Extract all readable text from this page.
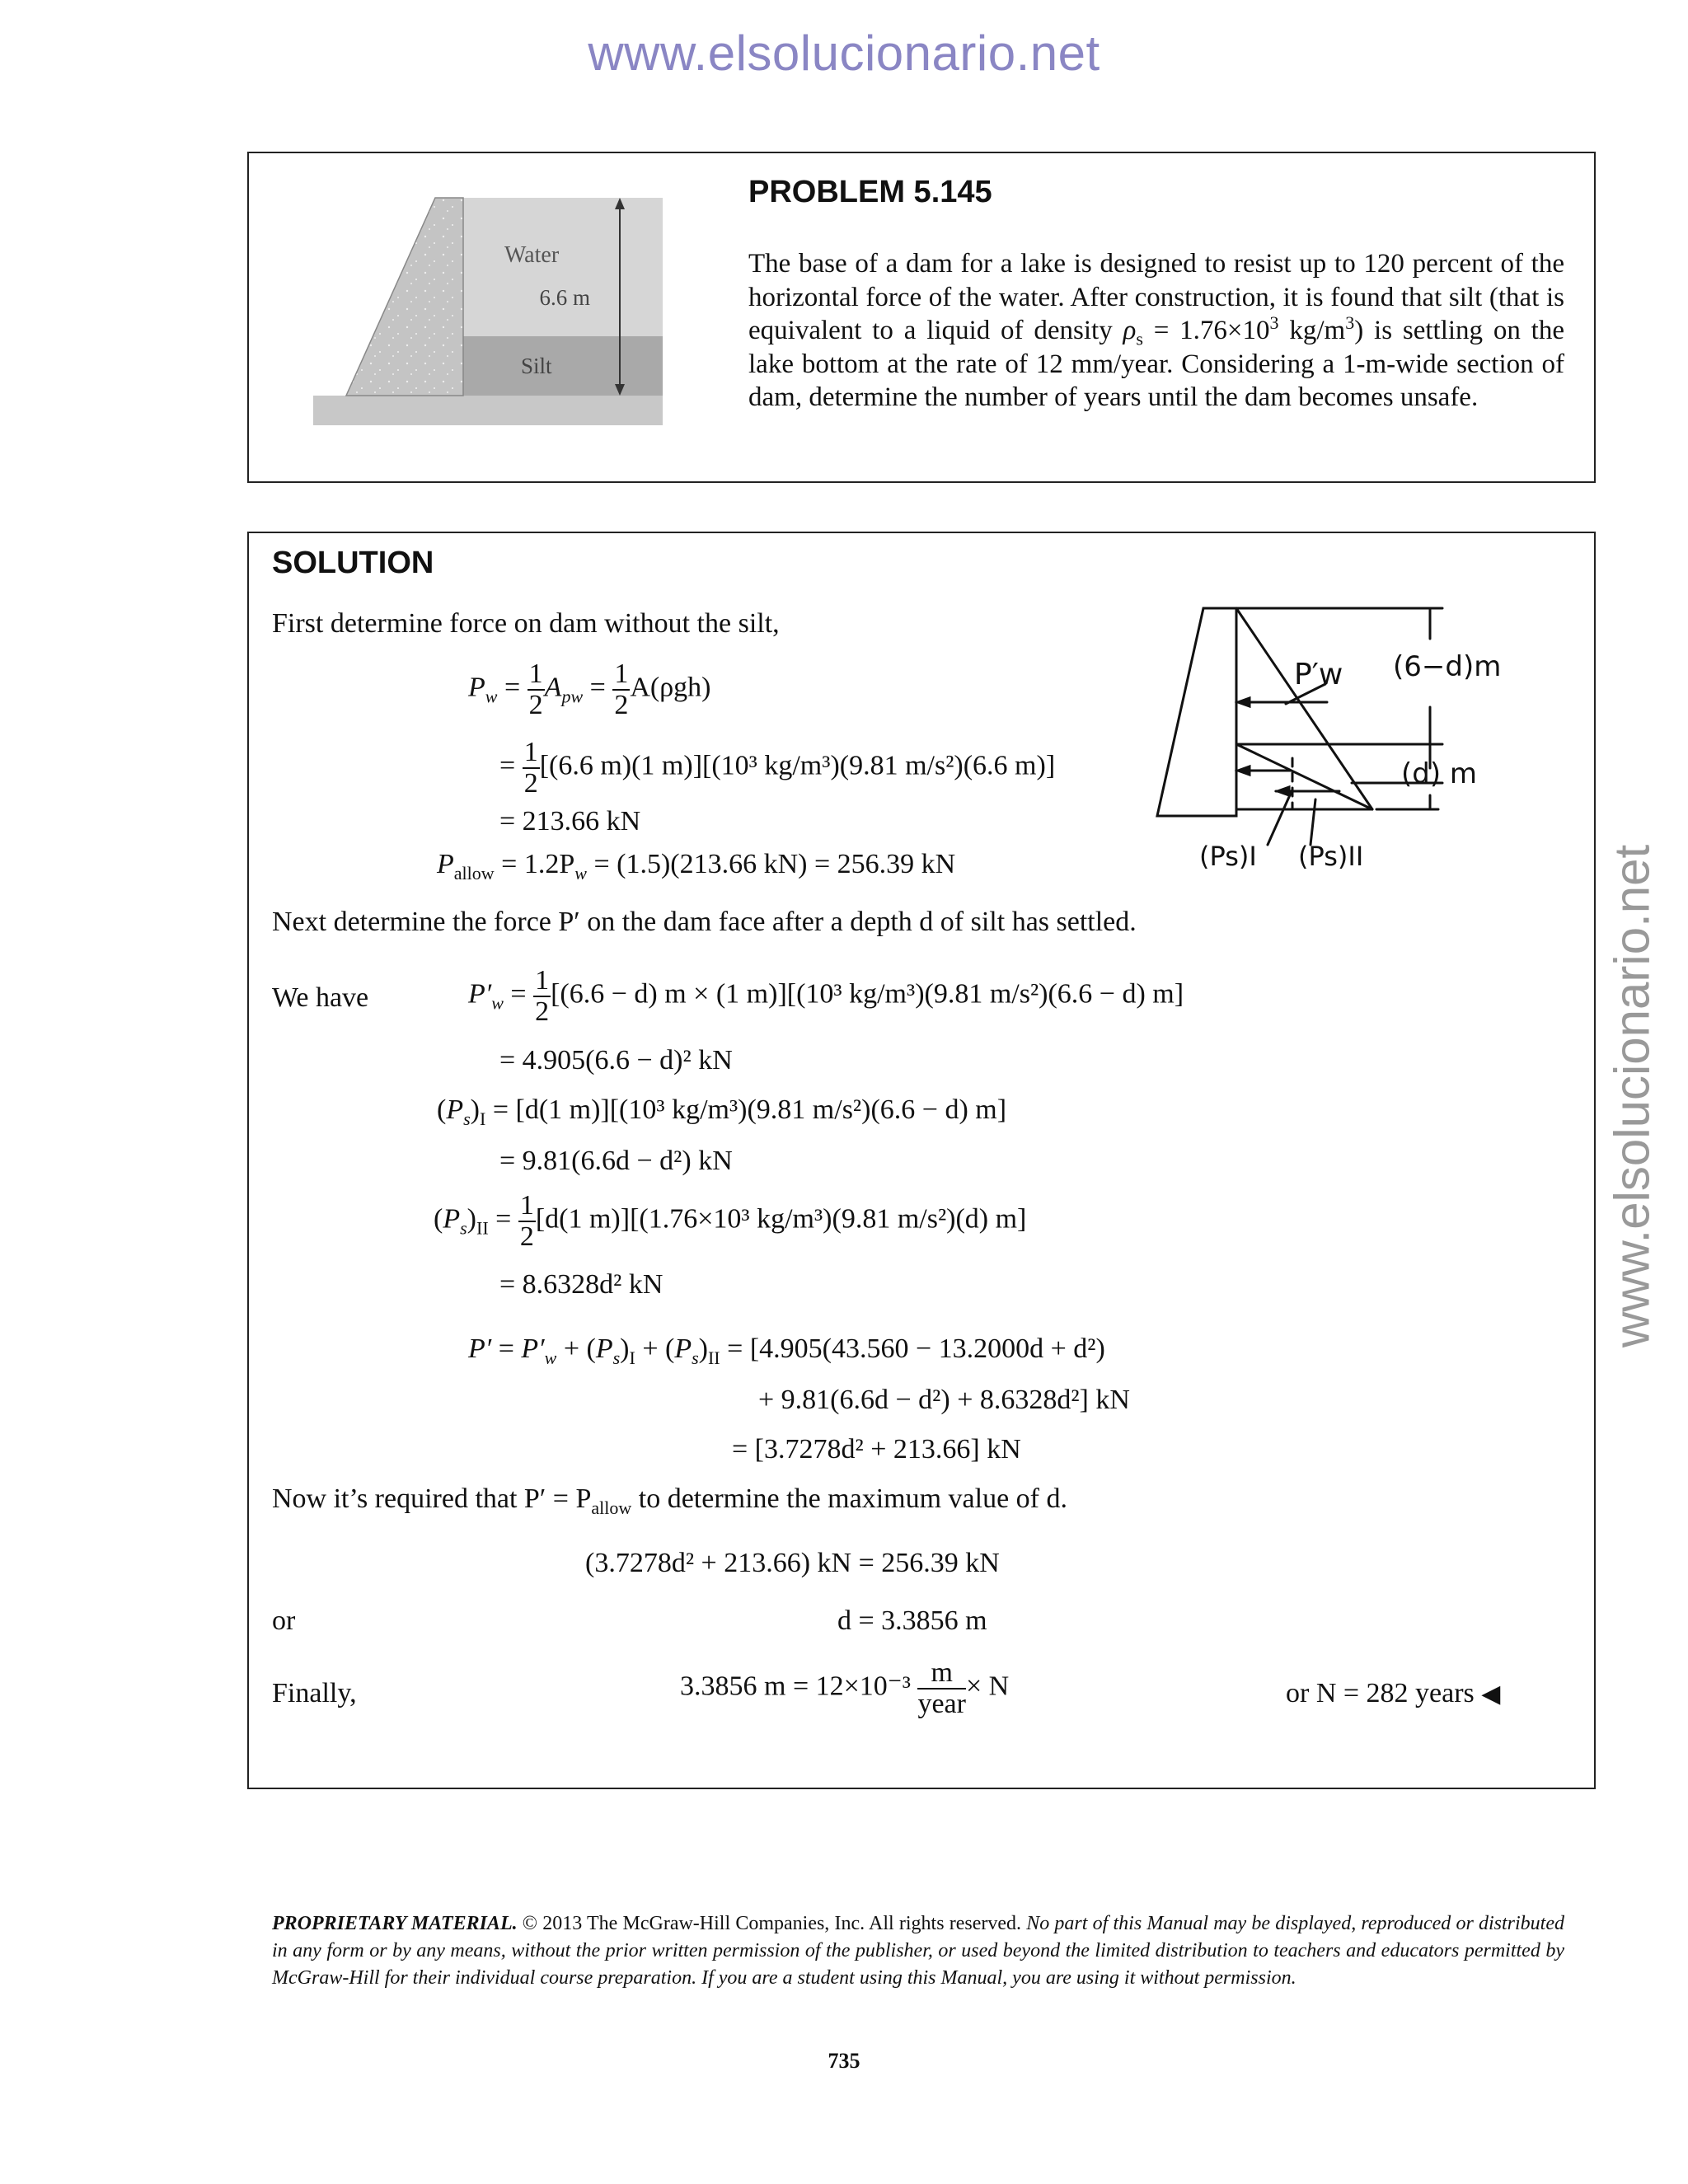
www.elsolucionario.net
www.elsolucionario.net
Water
6.6 m
Silt
PROBLEM 5.145
The base of a dam for a lake is designed to resist up to 120 percent of the horizontal force of the water. After construction, it is found that silt (that is equivalent to a liquid of density $\rho_s = 1.76\times 10^3$ $kg/m^3$) is settling on the lake bottom at the rate of 12 mm/year. Considering a 1-m-wide section of dam, determine the number of years until the dam becomes unsafe.
SOLUTION
First determine force on dam without the silt,
P′w (6−d)m
(d) m
(Ps)I (Ps)II
$P_w = \frac{1}{2} A_{pw} = \frac{1}{2} A(\rho gh)$
= $\frac{1}{2} [(6.6$ m)(1 m)][(10³ kg/m³)(9.81 m/s²)(6.6 m)]
= 213.66 kN
$P_{allow} = 1.2P_w = (1.5)(213.66$ kN) = 256.39 kN
Next determine the force P′ on the dam face after a depth d of silt has settled.
We have	$P'_w = \frac{1}{2} [(6.6 - d) m \times (1$ m)][(10³ kg/m³)(9.81 m/s²)(6.6 − d) m]
= 4.905(6.6 − d)² kN
$(P_s)_I = [d(1$ m)][(10³ kg/m³)(9.81 m/s²)(6.6 − d) m]
= 9.81(6.6d − d²) kN
$(P_s)_{II} = \frac{1}{2} [d(1$ m)][(1.76×10³ kg/m³)(9.81 m/s²)(d) m]
= 8.6328d² kN
$P' = P'_w + (P_s)_I + (P_s)_{II} = [4.905(43.560 - 13.2000d + d^2)$
+ 9.81(6.6d − d²) + 8.6328d²] kN
= [3.7278d² + 213.66] kN
Now it’s required that $P' = P_{allow}$ to determine the maximum value of d.
(3.7278d² + 213.66) kN = 256.39 kN
or	d = 3.3856 m
Finally,	3.3856 $m = 12\times 10^{-3} \frac{m}{\text{year}} \times N$	or N = 282 years ◀
PROPRIETARY MATERIAL. © 2013 The McGraw-Hill Companies, Inc. All rights reserved. No part of this Manual may be displayed, reproduced or distributed in any form or by any means, without the prior written permission of the publisher, or used beyond the limited distribution to teachers and educators permitted by McGraw-Hill for their individual course preparation. If you are a student using this Manual, you are using it without permission.
735
